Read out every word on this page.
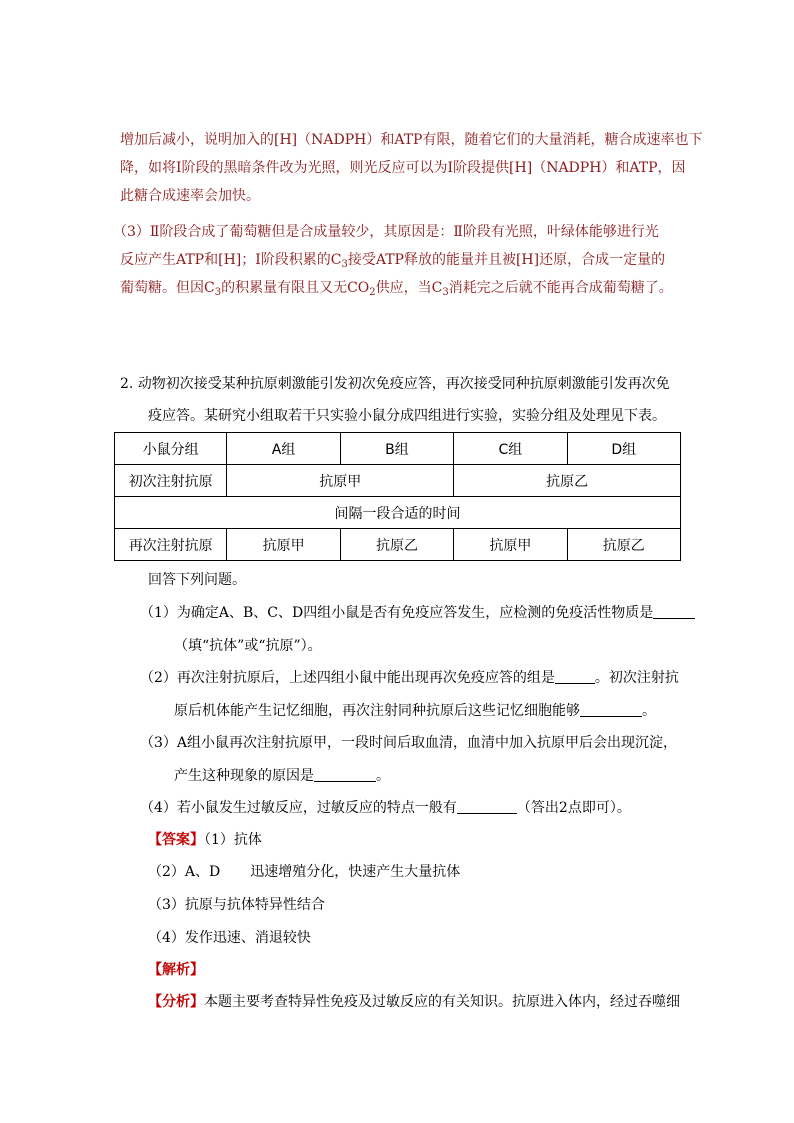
增加后减小，说明加入的[H]（NADPH）和ATP有限，随着它们的大量消耗，糖合成速率也下
降，如将Ⅰ阶段的黑暗条件改为光照，则光反应可以为Ⅰ阶段提供[H]（NADPH）和ATP，因
此糖合成速率会加快。
（3）Ⅱ阶段合成了葡萄糖但是合成量较少，其原因是：Ⅱ阶段有光照，叶绿体能够进行光
反应产生ATP和[H]；Ⅰ阶段积累的$C_3$接受ATP释放的能量并且被[H]还原，合成一定量的
葡萄糖。但因$C_3$的积累量有限且又无$CO_2$供应，当$C_3$消耗完之后就不能再合成葡萄糖了。
2. 动物初次接受某种抗原刺激能引发初次免疫应答，再次接受同种抗原刺激能引发再次免
疫应答。某研究小组取若干只实验小鼠分成四组进行实验，实验分组及处理见下表。
小鼠分组	A组	B组	C组	D组
初次注射抗原	抗原甲		抗原乙	
间隔一段合适的时间				
再次注射抗原	抗原甲	抗原乙	抗原甲	抗原乙
回答下列问题。
（1）为确定A、B、C、D四组小鼠是否有免疫应答发生，应检测的免疫活性物质是
（填“抗体”或“抗原”）。
（2）再次注射抗原后，上述四组小鼠中能出现再次免疫应答的组是	。初次注射抗
原后机体能产生记忆细胞，再次注射同种抗原后这些记忆细胞能够	。
（3）A组小鼠再次注射抗原甲，一段时间后取血清，血清中加入抗原甲后会出现沉淀，
产生这种现象的原因是	。
（4）若小鼠发生过敏反应，过敏反应的特点一般有	（答出2点即可）。
【答案】（1）抗体
（2）A、D 迅速增殖分化，快速产生大量抗体
（3）抗原与抗体特异性结合
（4）发作迅速、消退较快
【解析】
【分析】本题主要考查特异性免疫及过敏反应的有关知识。抗原进入体内，经过吞噬细
